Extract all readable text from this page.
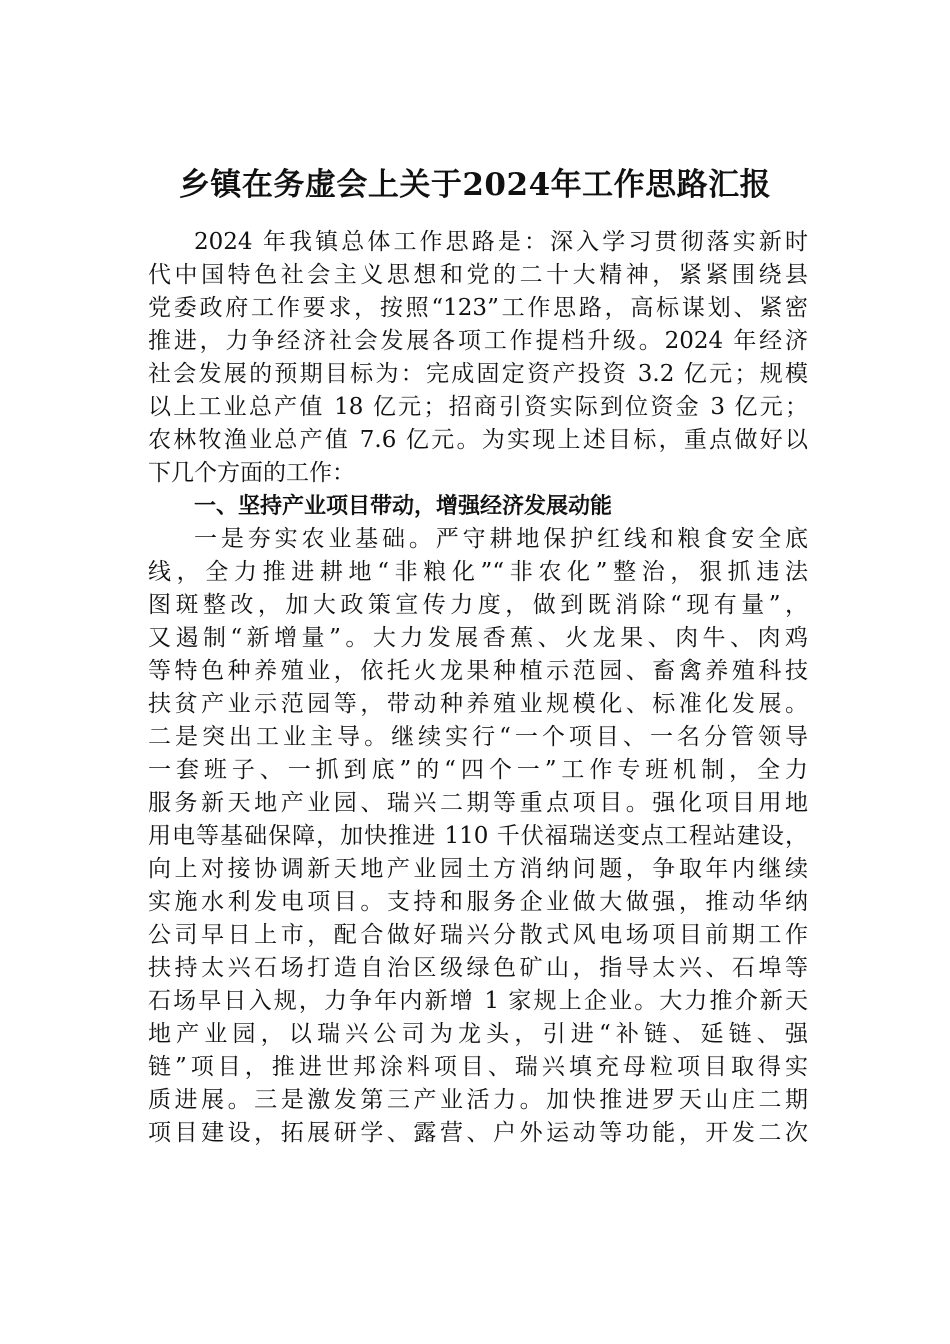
乡镇在务虚会上关于2024年工作思路汇报
2024 年我镇总体工作思路是：深入学习贯彻落实新时
代中国特色社会主义思想和党的二十大精神，紧紧围绕县
党委政府工作要求，按照“123”工作思路，高标谋划、紧密
推进，力争经济社会发展各项工作提档升级。2024 年经济
社会发展的预期目标为：完成固定资产投资 3.2 亿元；规模
以上工业总产值 18 亿元；招商引资实际到位资金 3 亿元；
农林牧渔业总产值 7.6 亿元。为实现上述目标，重点做好以
下几个方面的工作：
一、坚持产业项目带动，增强经济发展动能
一是夯实农业基础。严守耕地保护红线和粮食安全底
线，全力推进耕地“非粮化”“非农化”整治，狠抓违法
图斑整改，加大政策宣传力度，做到既消除“现有量”，
又遏制“新增量”。大力发展香蕉、火龙果、肉牛、肉鸡
等特色种养殖业，依托火龙果种植示范园、畜禽养殖科技
扶贫产业示范园等，带动种养殖业规模化、标准化发展。
二是突出工业主导。继续实行“一个项目、一名分管领导
一套班子、一抓到底”的“四个一”工作专班机制，全力
服务新天地产业园、瑞兴二期等重点项目。强化项目用地
用电等基础保障，加快推进 110 千伏福瑞送变点工程站建设，
向上对接协调新天地产业园土方消纳问题，争取年内继续
实施水利发电项目。支持和服务企业做大做强，推动华纳
公司早日上市，配合做好瑞兴分散式风电场项目前期工作
扶持太兴石场打造自治区级绿色矿山，指导太兴、石埠等
石场早日入规，力争年内新增 1 家规上企业。大力推介新天
地产业园，以瑞兴公司为龙头，引进“补链、延链、强
链”项目，推进世邦涂料项目、瑞兴填充母粒项目取得实
质进展。三是激发第三产业活力。加快推进罗天山庄二期
项目建设，拓展研学、露营、户外运动等功能，开发二次
